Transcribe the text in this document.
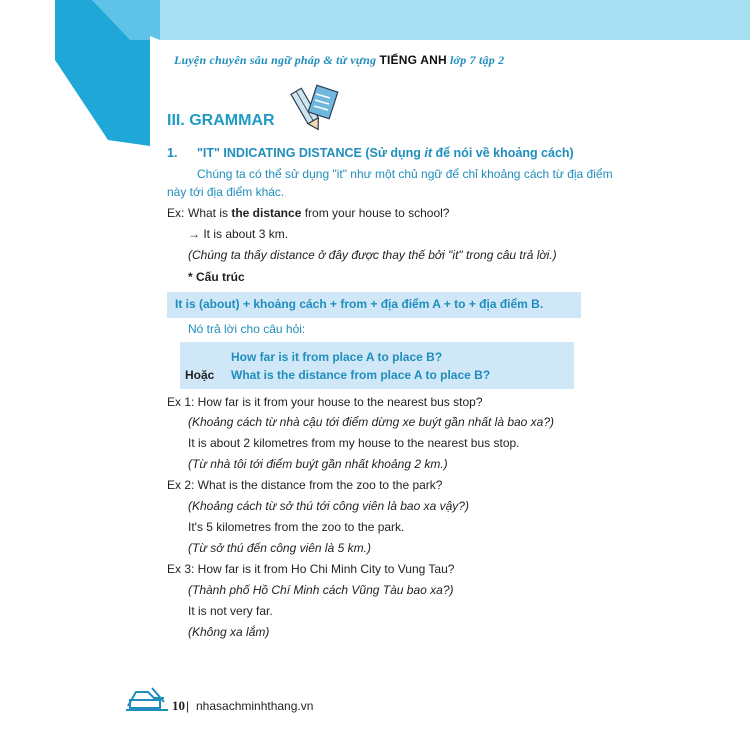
Luyện chuyên sâu ngữ pháp & từ vựng TIẾNG ANH lớp 7 tập 2
III. GRAMMAR
1. "IT" INDICATING DISTANCE (Sử dụng it để nói về khoảng cách)
Chúng ta có thể sử dụng "it" như một chủ ngữ để chỉ khoảng cách từ địa điểm
này tới địa điểm khác.
Ex: What is the distance from your house to school?
→ It is about 3 km.
(Chúng ta thấy distance ở đây được thay thế bởi "it" trong câu trả lời.)
* Cấu trúc
It is (about) + khoảng cách + from + địa điểm A + to + địa điểm B.
Nó trả lời cho câu hỏi:
How far is it from place A to place B?
Hoặc What is the distance from place A to place B?
Ex 1: How far is it from your house to the nearest bus stop?
(Khoảng cách từ nhà cậu tới điểm dừng xe buýt gần nhất là bao xa?)
It is about 2 kilometres from my house to the nearest bus stop.
(Từ nhà tôi tới điểm buýt gần nhất khoảng 2 km.)
Ex 2: What is the distance from the zoo to the park?
(Khoảng cách từ sở thú tới công viên là bao xa vậy?)
It's 5 kilometres from the zoo to the park.
(Từ sở thú đến công viên là 5 km.)
Ex 3: How far is it from Ho Chi Minh City to Vung Tau?
(Thành phố Hồ Chí Minh cách Vũng Tàu bao xa?)
It is not very far.
(Không xa lắm)
10 | nhasachminhthang.vn
